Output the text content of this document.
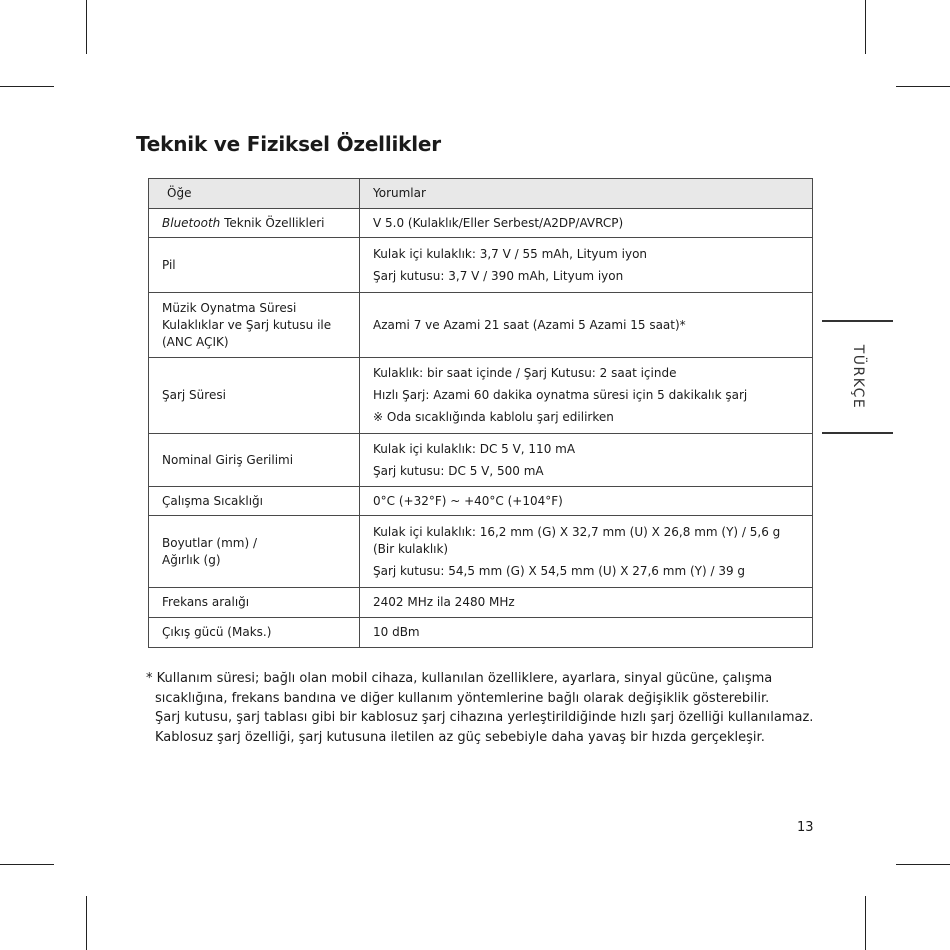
Teknik ve Fiziksel Özellikler
Öğe	Yorumlar
Bluetooth Teknik Özellikleri	V 5.0 (Kulaklık/Eller Serbest/A2DP/AVRCP)
Pil	Kulak içi kulaklık: 3,7 V / 55 mAh, Lityum iyon
Şarj kutusu: 3,7 V / 390 mAh, Lityum iyon

Müzik Oynatma Süresi
Kulaklıklar ve Şarj kutusu ile
(ANC AÇIK)	Azami 7 ve Azami 21 saat (Azami 5 Azami 15 saat)*
Şarj Süresi	Kulaklık: bir saat içinde / Şarj Kutusu: 2 saat içinde
Hızlı Şarj: Azami 60 dakika oynatma süresi için 5 dakikalık şarj
※ Oda sıcaklığında kablolu şarj edilirken

Nominal Giriş Gerilimi	Kulak içi kulaklık: DC 5 V, 110 mA
Şarj kutusu: DC 5 V, 500 mA

Çalışma Sıcaklığı	0°C (+32°F) ~ +40°C (+104°F)

Boyutlar (mm) /
Ağırlık (g)	Kulak içi kulaklık: 16,2 mm (G) X 32,7 mm (U) X 26,8 mm (Y) / 5,6 g
(Bir kulaklık)
Şarj kutusu: 54,5 mm (G) X 54,5 mm (U) X 27,6 mm (Y) / 39 g

Frekans aralığı	2402 MHz ila 2480 MHz
Çıkış gücü (Maks.)	10 dBm
* Kullanım süresi; bağlı olan mobil cihaza, kullanılan özelliklere, ayarlara, sinyal gücüne, çalışma
sıcaklığına, frekans bandına ve diğer kullanım yöntemlerine bağlı olarak değişiklik gösterebilir.
Şarj kutusu, şarj tablası gibi bir kablosuz şarj cihazına yerleştirildiğinde hızlı şarj özelliği kullanılamaz.
Kablosuz şarj özelliği, şarj kutusuna iletilen az güç sebebiyle daha yavaş bir hızda gerçekleşir.
TÜRKÇE
13
